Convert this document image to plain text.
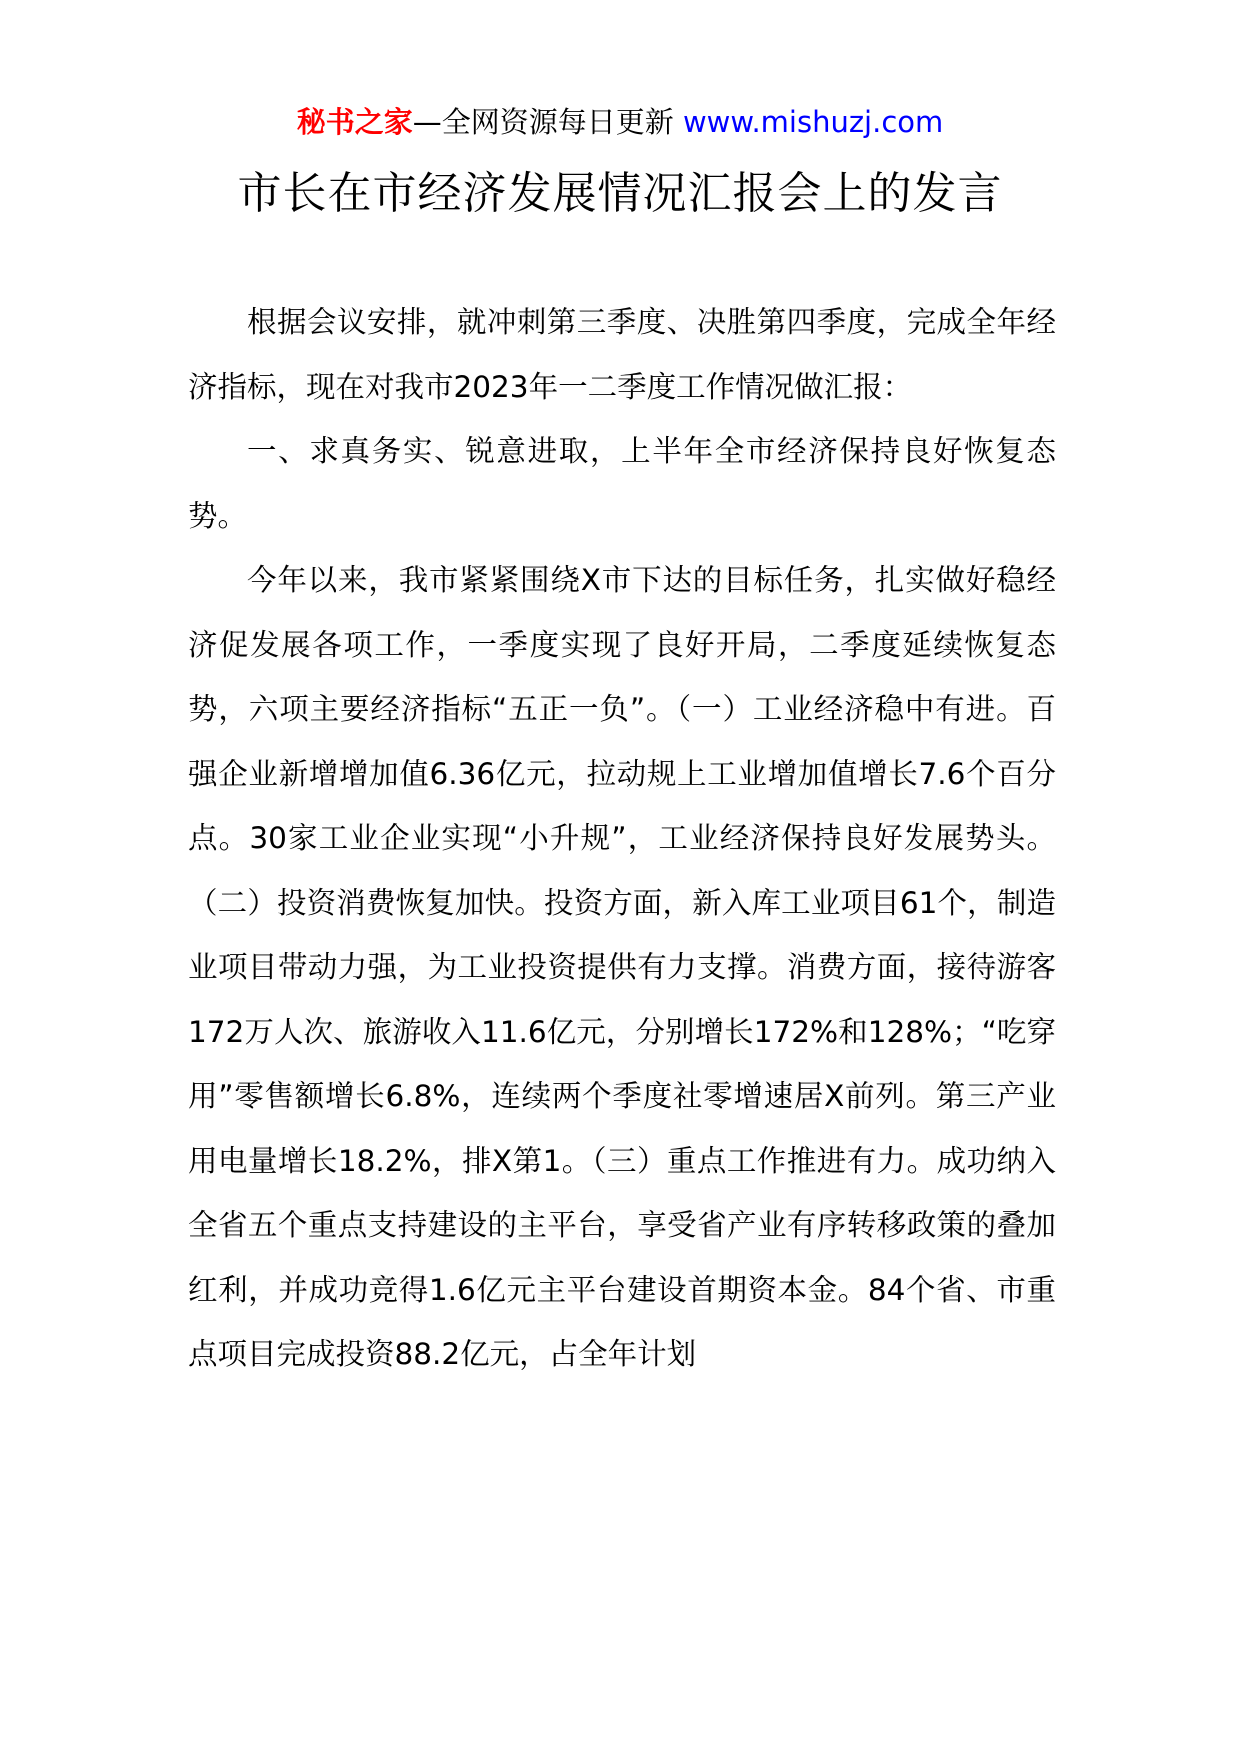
秘书之家—全网资源每日更新 www.mishuzj.com
市长在市经济发展情况汇报会上的发言

根据会议安排，就冲刺第三季度、决胜第四季度，完成全年经济指标，现在对我市2023年一二季度工作情况做汇报：

一、求真务实、锐意进取，上半年全市经济保持良好恢复态势。

今年以来，我市紧紧围绕X市下达的目标任务，扎实做好稳经济促发展各项工作，一季度实现了良好开局，二季度延续恢复态势，六项主要经济指标“五正一负”。（一）工业经济稳中有进。百强企业新增增加值6.36亿元，拉动规上工业增加值增长7.6个百分点。30家工业企业实现“小升规”，工业经济保持良好发展势头。（二）投资消费恢复加快。投资方面，新入库工业项目61个，制造业项目带动力强，为工业投资提供有力支撑。消费方面，接待游客172万人次、旅游收入11.6亿元，分别增长172%和128%；“吃穿用”零售额增长6.8%，连续两个季度社零增速居X前列。第三产业用电量增长18.2%，排X第1。（三）重点工作推进有力。成功纳入全省五个重点支持建设的主平台，享受省产业有序转移政策的叠加红利，并成功竞得1.6亿元主平台建设首期资本金。84个省、市重点项目完成投资88.2亿元，占全年计划
